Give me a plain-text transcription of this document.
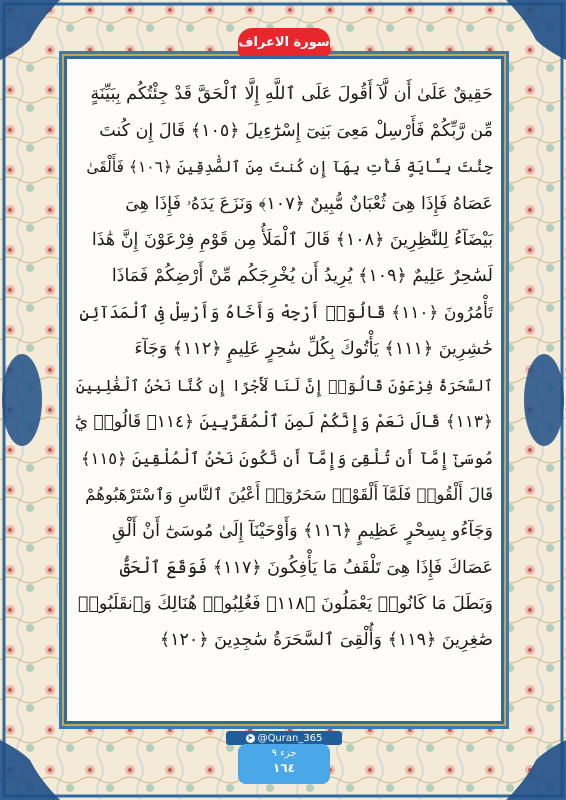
حَقِيقٌ عَلَىٰ أَن لَّآ أَقُولَ عَلَى ٱللَّهِ إِلَّا ٱلْحَقَّ قَدْ جِئْتُكُم بِبَيِّنَةٍ
مِّن رَّبِّكُمْ فَأَرْسِلْ مَعِىَ بَنِىٓ إِسْرَٰٓءِيلَ ﴿١٠٥﴾ قَالَ إِن كُنتَ
جِئْتَ بِـَٔايَةٍ فَأْتِ بِهَآ إِن كُنتَ مِنَ ٱلصَّٰدِقِينَ ﴿١٠٦﴾ فَأَلْقَىٰ
عَصَاهُ فَإِذَا هِىَ ثُعْبَانٌ مُّبِينٌ ﴿١٠٧﴾ وَنَزَعَ يَدَهُۥ فَإِذَا هِىَ
بَيْضَآءُ لِلنَّٰظِرِينَ ﴿١٠٨﴾ قَالَ ٱلْمَلَأُ مِن قَوْمِ فِرْعَوْنَ إِنَّ هَٰذَا
لَسَٰحِرٌ عَلِيمٌ ﴿١٠٩﴾ يُرِيدُ أَن يُخْرِجَكُم مِّنْ أَرْضِكُمْ فَمَاذَا
تَأْمُرُونَ ﴿١١٠﴾ قَالُوٓا۟ أَرْجِهْ وَأَخَاهُ وَأَرْسِلْ فِى ٱلْمَدَآئِنِ
حَٰشِرِينَ ﴿١١١﴾ يَأْتُوكَ بِكُلِّ سَٰحِرٍ عَلِيمٍ ﴿١١٢﴾ وَجَآءَ
ٱلسَّحَرَةُ فِرْعَوْنَ قَالُوٓا۟ إِنَّ لَنَا لَأَجْرًا إِن كُنَّا نَحْنُ ٱلْغَٰلِبِينَ
﴿١١٣﴾ قَالَ نَعَمْ وَإِنَّكُمْ لَمِنَ ٱلْمُقَرَّبِينَ ﴿١١٤﴾ قَالُوا۟ يَٰ
مُوسَىٰٓ إِمَّآ أَن تُلْقِىَ وَإِمَّآ أَن نَّكُونَ نَحْنُ ٱلْمُلْقِينَ ﴿١١٥﴾
قَالَ أَلْقُوا۟ فَلَمَّآ أَلْقَوْا۟ سَحَرُوٓا۟ أَعْيُنَ ٱلنَّاسِ وَٱسْتَرْهَبُوهُمْ
وَجَآءُو بِسِحْرٍ عَظِيمٍ ﴿١١٦﴾ وَأَوْحَيْنَآ إِلَىٰ مُوسَىٰٓ أَنْ أَلْقِ
عَصَاكَ فَإِذَا هِىَ تَلْقَفُ مَا يَأْفِكُونَ ﴿١١٧﴾ فَوَقَعَ ٱلْحَقُّ
وَبَطَلَ مَا كَانُوا۟ يَعْمَلُونَ ﴿١١٨﴾ فَغُلِبُوا۟ هُنَالِكَ وَٱنقَلَبُوا۟
صَٰغِرِينَ ﴿١١٩﴾ وَأُلْقِىَ ٱلسَّحَرَةُ سَٰجِدِينَ ﴿١٢٠﴾
سورة الاعراف
➤ @Quran_365
جزء ٩
١٦٤
